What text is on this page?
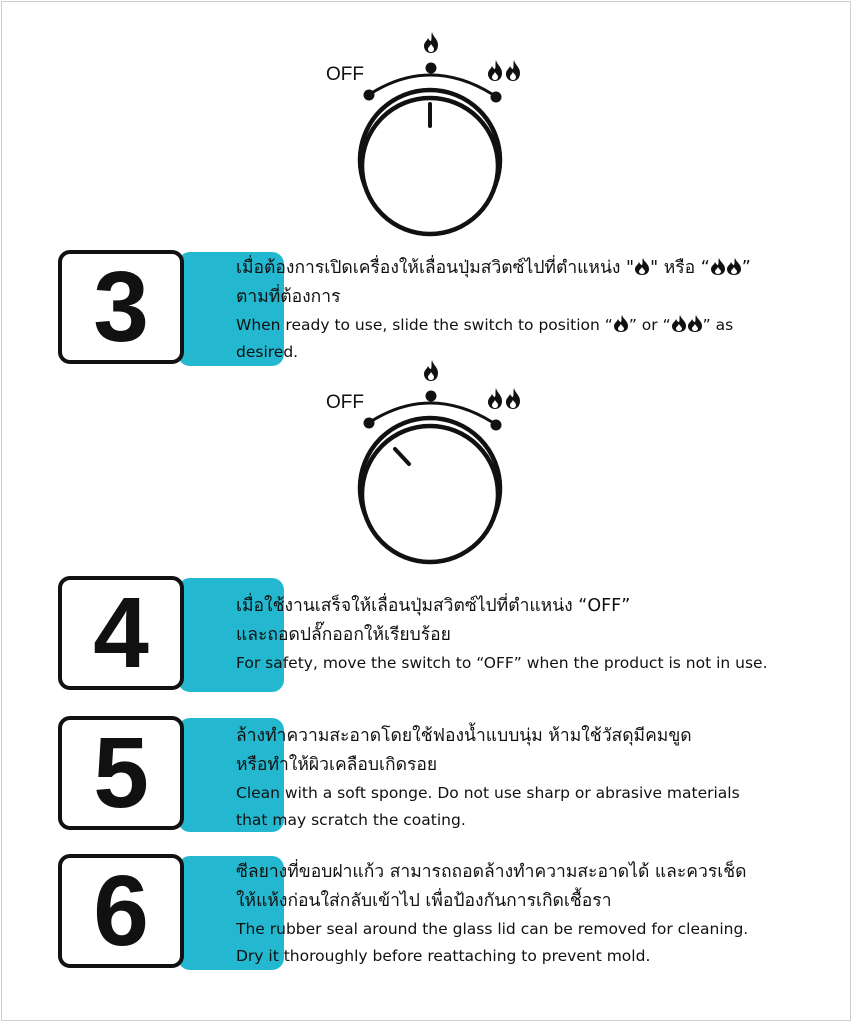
OFF
3	เมื่อต้องการเปิดเครื่องให้เลื่อนปุ่มสวิตซ์ไปที่ตำแหน่ง " " หรือ “ ”
ตามที่ต้องการ
When ready to use, slide the switch to position “ ” or “ ” as
desired.
OFF
4	เมื่อใช้งานเสร็จให้เลื่อนปุ่มสวิตซ์ไปที่ตำแหน่ง “OFF”
และถอดปลั๊กออกให้เรียบร้อย
For safety, move the switch to “OFF” when the product is not in use.
5	ล้างทำความสะอาดโดยใช้ฟองน้ำแบบนุ่ม ห้ามใช้วัสดุมีคมขูด
หรือทำให้ผิวเคลือบเกิดรอย
Clean with a soft sponge. Do not use sharp or abrasive materials
that may scratch the coating.
6	ซีลยางที่ขอบฝาแก้ว สามารถถอดล้างทำความสะอาดได้ และควรเช็ด
ให้แห้งก่อนใส่กลับเข้าไป เพื่อป้องกันการเกิดเชื้อรา
The rubber seal around the glass lid can be removed for cleaning.
Dry it thoroughly before reattaching to prevent mold.
